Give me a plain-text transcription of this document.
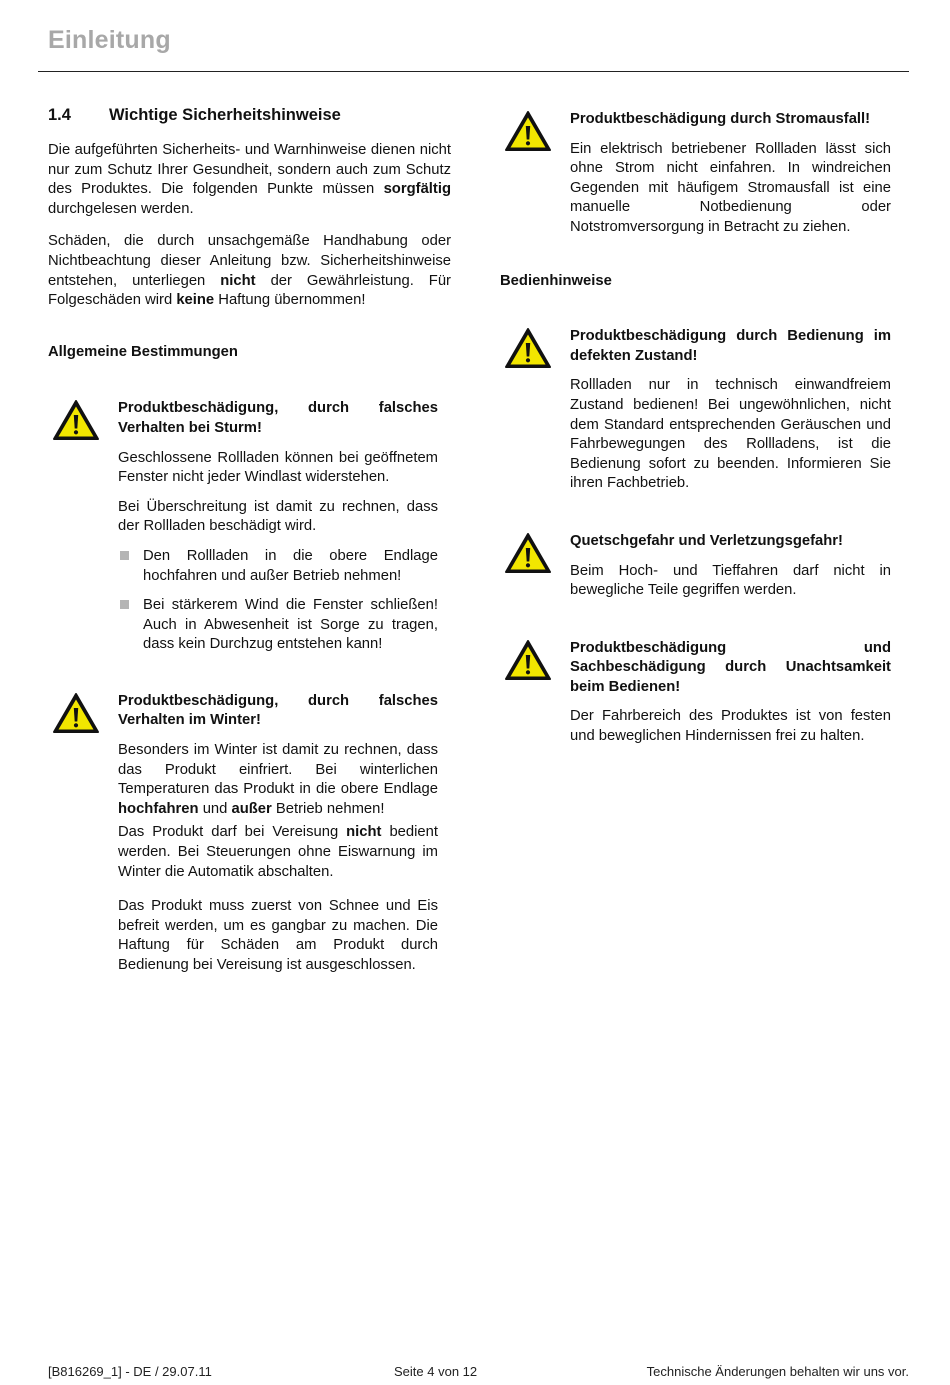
Einleitung
1.4 Wichtige Sicherheitshinweise

Die aufgeführten Sicherheits- und Warnhinweise dienen nicht nur zum Schutz Ihrer Gesundheit, sondern auch zum Schutz des Produktes. Die folgenden Punkte müssen sorgfältig durchgelesen werden.

Schäden, die durch unsachgemäße Handhabung oder Nichtbeachtung dieser Anleitung bzw. Sicherheitshinweise entstehen, unterliegen nicht der Gewährleistung. Für Folgeschäden wird keine Haftung übernommen!

Allgemeine Bestimmungen

Produktbeschädigung, durch falsches Verhalten bei Sturm!

Geschlossene Rollladen können bei geöffnetem Fenster nicht jeder Windlast widerstehen.

Bei Überschreitung ist damit zu rechnen, dass der Rollladen beschädigt wird.

Den Rollladen in die obere Endlage hochfahren und außer Betrieb nehmen!
Bei stärkerem Wind die Fenster schließen! Auch in Abwesenheit ist Sorge zu tragen, dass kein Durchzug entstehen kann!

Produktbeschädigung, durch falsches Verhalten im Winter!

Besonders im Winter ist damit zu rechnen, dass das Produkt einfriert. Bei winterlichen Temperaturen das Produkt in die obere Endlage hochfahren und außer Betrieb nehmen!

Das Produkt darf bei Vereisung nicht bedient werden. Bei Steuerungen ohne Eiswarnung im Winter die Automatik abschalten.

Das Produkt muss zuerst von Schnee und Eis befreit werden, um es gangbar zu machen. Die Haftung für Schäden am Produkt durch Bedienung bei Vereisung ist ausgeschlossen.

Produktbeschädigung durch Stromausfall!

Ein elektrisch betriebener Rollladen lässt sich ohne Strom nicht einfahren. In windreichen Gegenden mit häufigem Stromausfall ist eine manuelle Notbedienung oder Notstromversorgung in Betracht zu ziehen.

Bedienhinweise

Produktbeschädigung durch Bedienung im defekten Zustand!

Rollladen nur in technisch einwandfreiem Zustand bedienen! Bei ungewöhnlichen, nicht dem Standard entsprechenden Geräuschen und Fahrbewegungen des Rollladens, ist die Bedienung sofort zu beenden. Informieren Sie ihren Fachbetrieb.

Quetschgefahr und Verletzungsgefahr!

Beim Hoch- und Tieffahren darf nicht in bewegliche Teile gegriffen werden.

Produktbeschädigung und Sachbeschädigung durch Unachtsamkeit beim Bedienen!

Der Fahrbereich des Produktes ist von festen und beweglichen Hindernissen frei zu halten.

[B816269_1] - DE / 29.07.11	Seite 4 von 12	Technische Änderungen behalten wir uns vor.
